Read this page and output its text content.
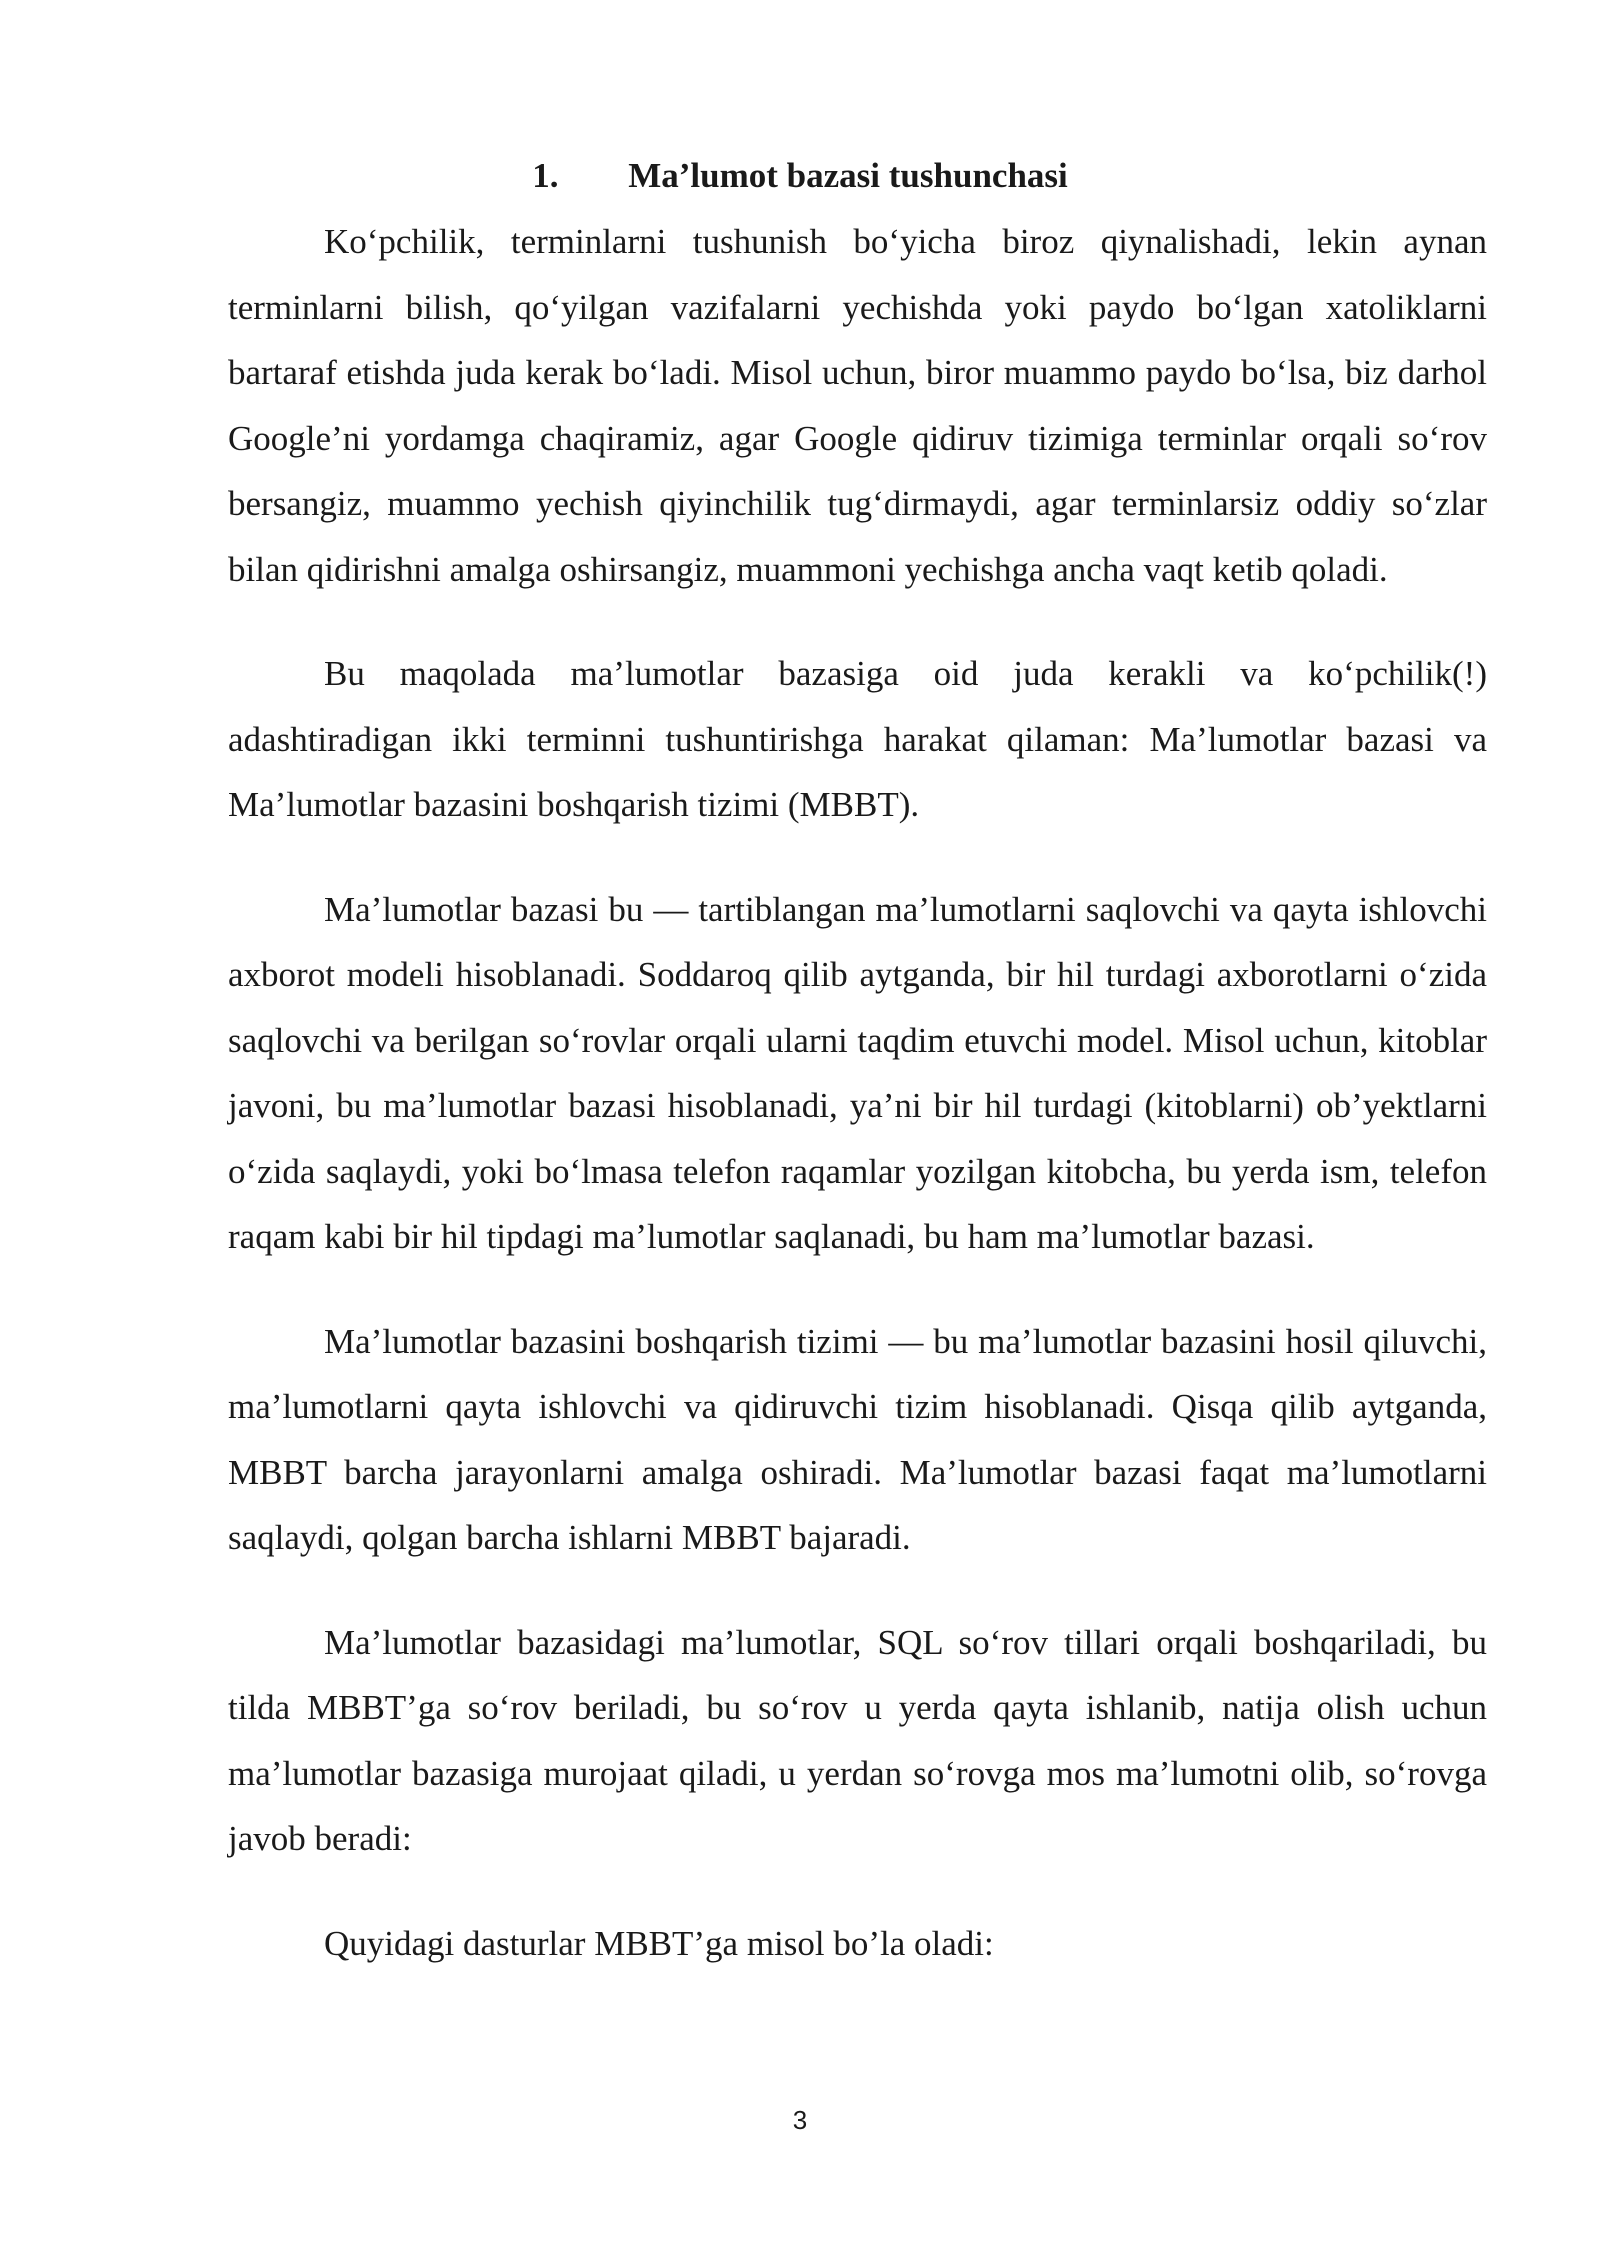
1. Ma’lumot bazasi tushunchasi

Ko‘pchilik, terminlarni tushunish bo‘yicha biroz qiynalishadi, lekin aynan terminlarni bilish, qo‘yilgan vazifalarni yechishda yoki paydo bo‘lgan xatoliklarni bartaraf etishda juda kerak bo‘ladi. Misol uchun, biror muammo paydo bo‘lsa, biz darhol Google’ni yordamga chaqiramiz, agar Google qidiruv tizimiga terminlar orqali so‘rov bersangiz, muammo yechish qiyinchilik tug‘dirmaydi, agar terminlarsiz oddiy so‘zlar bilan qidirishni amalga oshirsangiz, muammoni yechishga ancha vaqt ketib qoladi.

Bu maqolada ma’lumotlar bazasiga oid juda kerakli va ko‘pchilik(!) adashtiradigan ikki terminni tushuntirishga harakat qilaman: Ma’lumotlar bazasi va Ma’lumotlar bazasini boshqarish tizimi (MBBT).

Ma’lumotlar bazasi bu — tartiblangan ma’lumotlarni saqlovchi va qayta ishlovchi axborot modeli hisoblanadi. Soddaroq qilib aytganda, bir hil turdagi axborotlarni o‘zida saqlovchi va berilgan so‘rovlar orqali ularni taqdim etuvchi model. Misol uchun, kitoblar javoni, bu ma’lumotlar bazasi hisoblanadi, ya’ni bir hil turdagi (kitoblarni) ob’yektlarni o‘zida saqlaydi, yoki bo‘lmasa telefon raqamlar yozilgan kitobcha, bu yerda ism, telefon raqam kabi bir hil tipdagi ma’lumotlar saqlanadi, bu ham ma’lumotlar bazasi.

Ma’lumotlar bazasini boshqarish tizimi — bu ma’lumotlar bazasini hosil qiluvchi, ma’lumotlarni qayta ishlovchi va qidiruvchi tizim hisoblanadi. Qisqa qilib aytganda, MBBT barcha jarayonlarni amalga oshiradi. Ma’lumotlar bazasi faqat ma’lumotlarni saqlaydi, qolgan barcha ishlarni MBBT bajaradi.

Ma’lumotlar bazasidagi ma’lumotlar, SQL so‘rov tillari orqali boshqariladi, bu tilda MBBT’ga so‘rov beriladi, bu so‘rov u yerda qayta ishlanib, natija olish uchun ma’lumotlar bazasiga murojaat qiladi, u yerdan so‘rovga mos ma’lumotni olib, so‘rovga javob beradi:

Quyidagi dasturlar MBBT’ga misol bo’la oladi:

3
